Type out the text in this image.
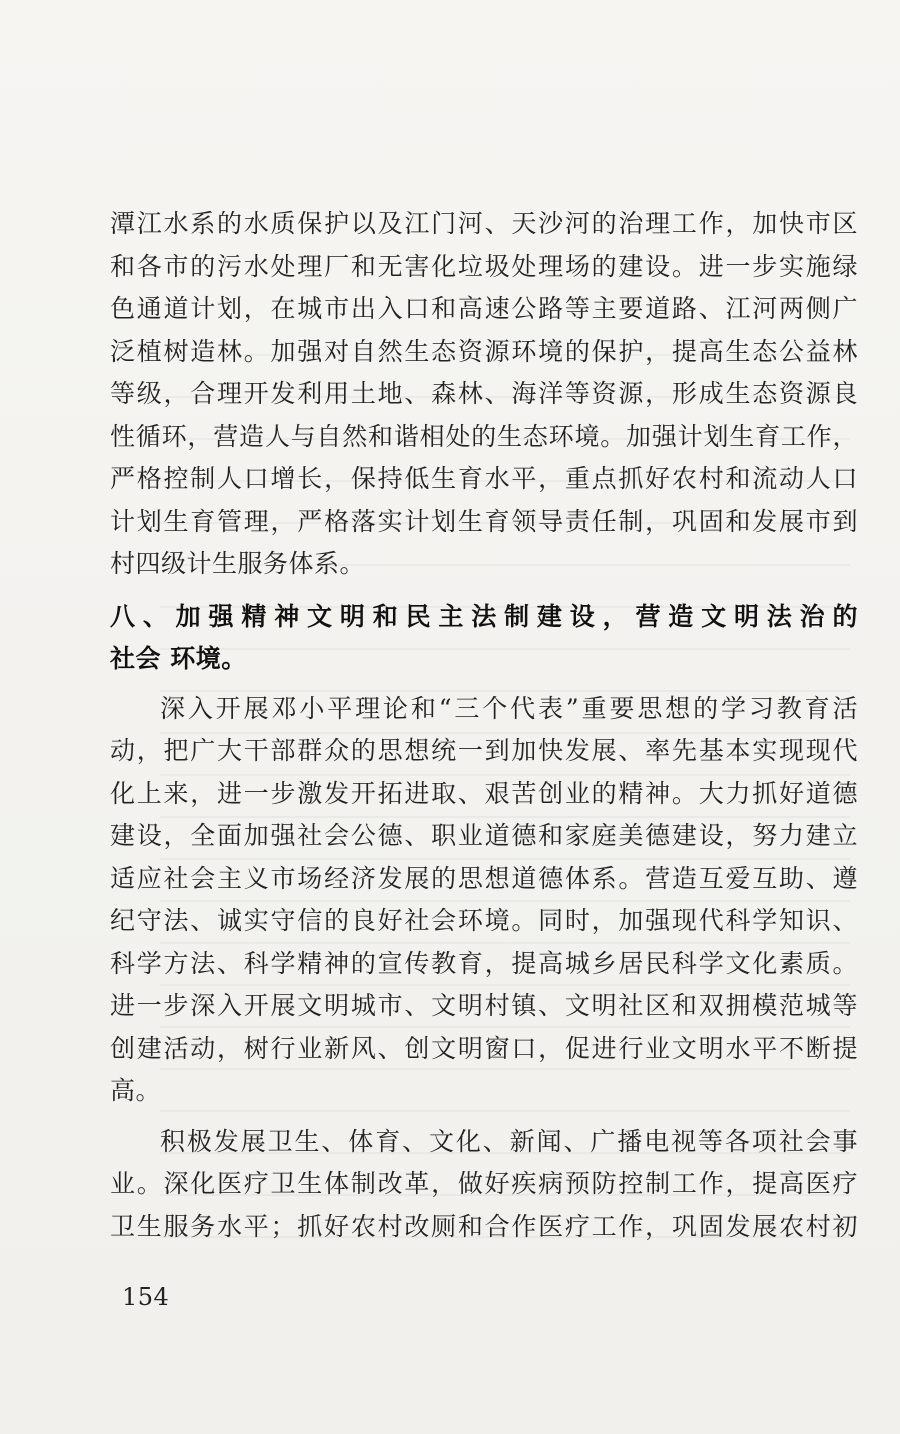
潭江水系的水质保护以及江门河、天沙河的治理工作，加快市区
和各市的污水处理厂和无害化垃圾处理场的建设。进一步实施绿
色通道计划，在城市出入口和高速公路等主要道路、江河两侧广
泛植树造林。加强对自然生态资源环境的保护，提高生态公益林
等级，合理开发利用土地、森林、海洋等资源，形成生态资源良
性循环，营造人与自然和谐相处的生态环境。加强计划生育工作，
严格控制人口增长，保持低生育水平，重点抓好农村和流动人口
计划生育管理，严格落实计划生育领导责任制，巩固和发展市到
村四级计生服务体系。
八、加强精神文明和民主法制建设，营造文明法治的
社会 环境。
深入开展邓小平理论和“三个代表”重要思想的学习教育活
动，把广大干部群众的思想统一到加快发展、率先基本实现现代
化上来，进一步激发开拓进取、艰苦创业的精神。大力抓好道德
建设，全面加强社会公德、职业道德和家庭美德建设，努力建立
适应社会主义市场经济发展的思想道德体系。营造互爱互助、遵
纪守法、诚实守信的良好社会环境。同时，加强现代科学知识、
科学方法、科学精神的宣传教育，提高城乡居民科学文化素质。
进一步深入开展文明城市、文明村镇、文明社区和双拥模范城等
创建活动，树行业新风、创文明窗口，促进行业文明水平不断提
高。
积极发展卫生、体育、文化、新闻、广播电视等各项社会事
业。深化医疗卫生体制改革，做好疾病预防控制工作，提高医疗
卫生服务水平；抓好农村改厕和合作医疗工作，巩固发展农村初
154
